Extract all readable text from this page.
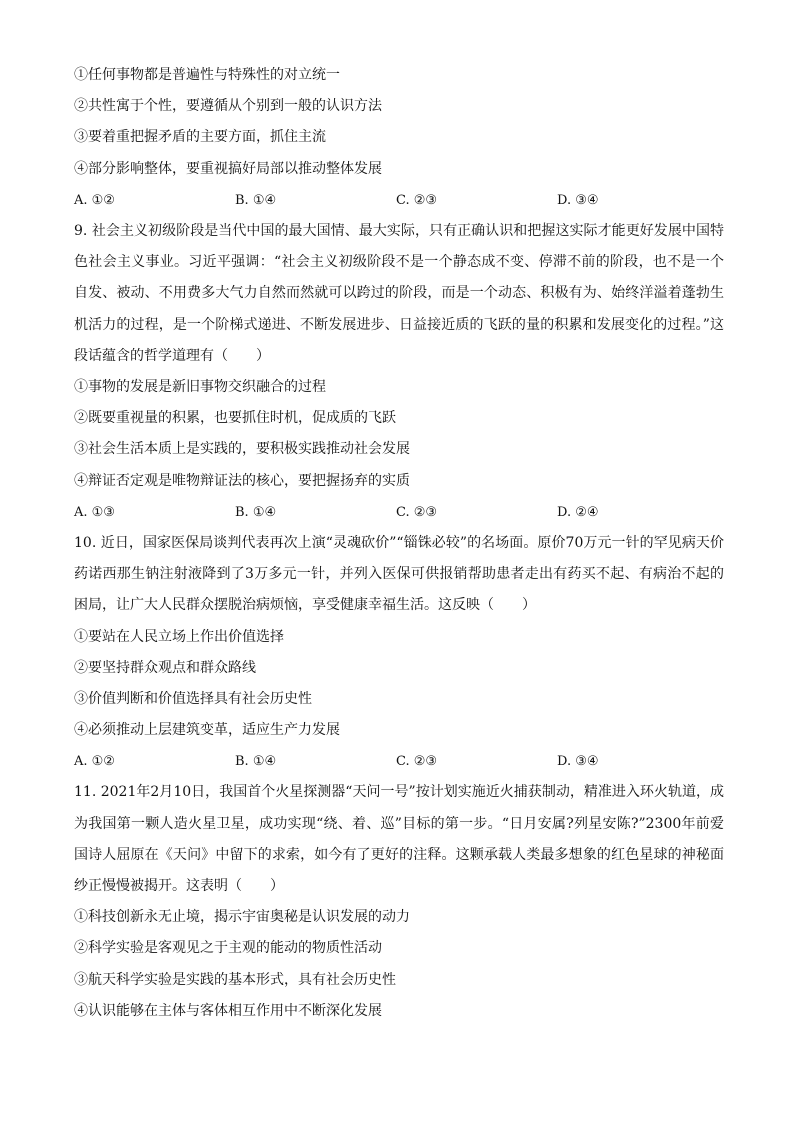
①任何事物都是普遍性与特殊性的对立统一
②共性寓于个性，要遵循从个别到一般的认识方法
③要着重把握矛盾的主要方面，抓住主流
④部分影响整体，要重视搞好局部以推动整体发展
A. ①②	B. ①④	C. ②③	D. ③④
9. 社会主义初级阶段是当代中国的最大国情、最大实际，只有正确认识和把握这实际才能更好发展中国特色社会主义事业。习近平强调：“社会主义初级阶段不是一个静态成不变、停滞不前的阶段，也不是一个自发、被动、不用费多大气力自然而然就可以跨过的阶段，而是一个动态、积极有为、始终洋溢着蓬勃生机活力的过程，是一个阶梯式递进、不断发展进步、日益接近质的飞跃的量的积累和发展变化的过程。”这段话蕴含的哲学道理有（　　）
①事物的发展是新旧事物交织融合的过程
②既要重视量的积累，也要抓住时机，促成质的飞跃
③社会生活本质上是实践的，要积极实践推动社会发展
④辩证否定观是唯物辩证法的核心，要把握扬弃的实质
A. ①③	B. ①④	C. ②③	D. ②④
10. 近日，国家医保局谈判代表再次上演“灵魂砍价”“锱铢必较”的名场面。原价70万元一针的罕见病天价药诺西那生钠注射液降到了3万多元一针，并列入医保可供报销帮助患者走出有药买不起、有病治不起的困局，让广大人民群众摆脱治病烦恼，享受健康幸福生活。这反映（　　）
①要站在人民立场上作出价值选择
②要坚持群众观点和群众路线
③价值判断和价值选择具有社会历史性
④必须推动上层建筑变革，适应生产力发展
A. ①②	B. ①④	C. ②③	D. ③④
11. 2021年2月10日，我国首个火星探测器“天问一号”按计划实施近火捕获制动，精准进入环火轨道，成为我国第一颗人造火星卫星，成功实现“绕、着、巡”目标的第一步。“日月安属?列星安陈?”2300年前爱国诗人屈原在《天问》中留下的求索，如今有了更好的注释。这颗承载人类最多想象的红色星球的神秘面纱正慢慢被揭开。这表明（　　）
①科技创新永无止境，揭示宇宙奥秘是认识发展的动力
②科学实验是客观见之于主观的能动的物质性活动
③航天科学实验是实践的基本形式，具有社会历史性
④认识能够在主体与客体相互作用中不断深化发展
